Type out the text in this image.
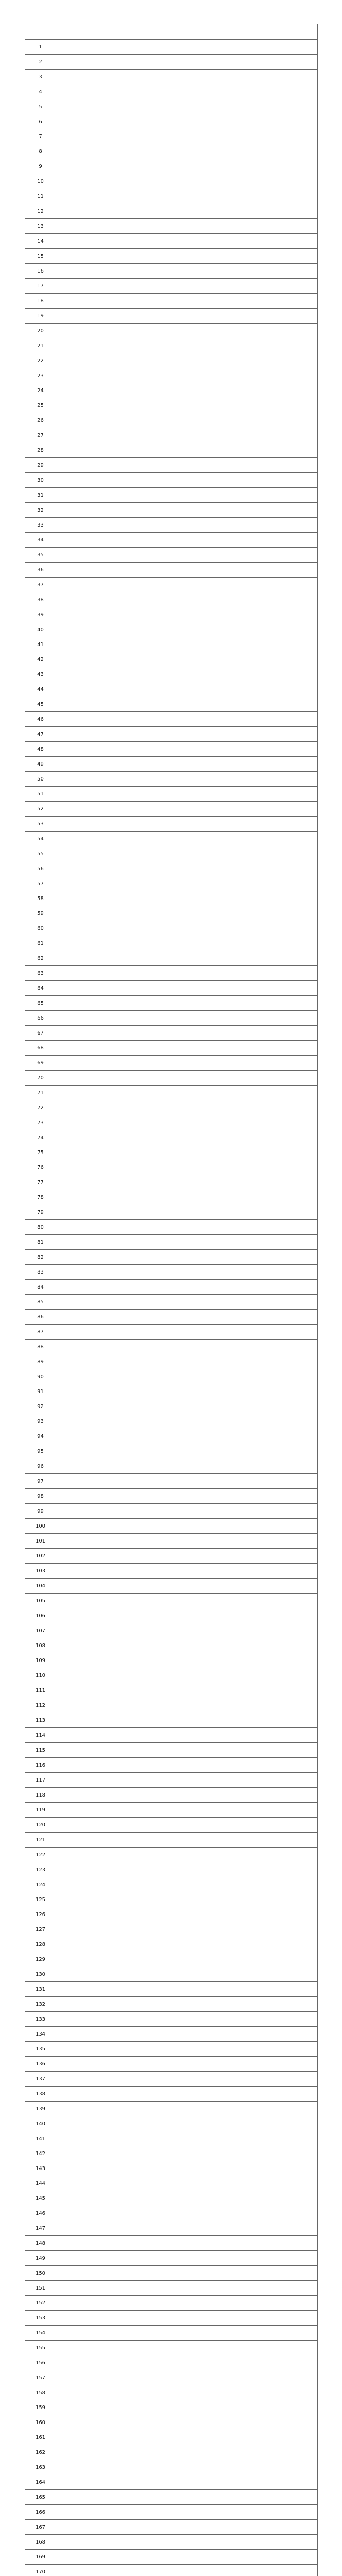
1		
2		
3		
4		
5		
6		
7		
8		
9		
10		
11		
12		
13		
14		
15		
16		
17		
18		
19		
20		
21		
22		
23		
24		
25		
26		
27		
28		
29		
30		
31		
32		
33		
34		
35		
36		
37		
38		
39		
40		
41		
42		
43		
44		
45		
46		
47		
48		
49		
50		
51		
52		
53		
54		
55		
56		
57		
58		
59		
60		
61		
62		
63		
64		
65		
66		
67		
68		
69		
70		
71		
72		
73		
74		
75		
76		
77		
78		
79		
80		
81		
82		
83		
84		
85		
86		
87		
88		
89		
90		
91		
92		
93		
94		
95		
96		
97		
98		
99		
100		
101		
102		
103		
104		
105		
106		
107		
108		
109		
110		
111		
112		
113		
114		
115		
116		
117		
118		
119		
120		
121		
122		
123		
124		
125		
126		
127		
128		
129		
130		
131		
132		
133		
134		
135		
136		
137		
138		
139		
140		
141		
142		
143		
144		
145		
146		
147		
148		
149		
150		
151		
152		
153		
154		
155		
156		
157		
158		
159		
160		
161		
162		
163		
164		
165		
166		
167		
168		
169		
170		
